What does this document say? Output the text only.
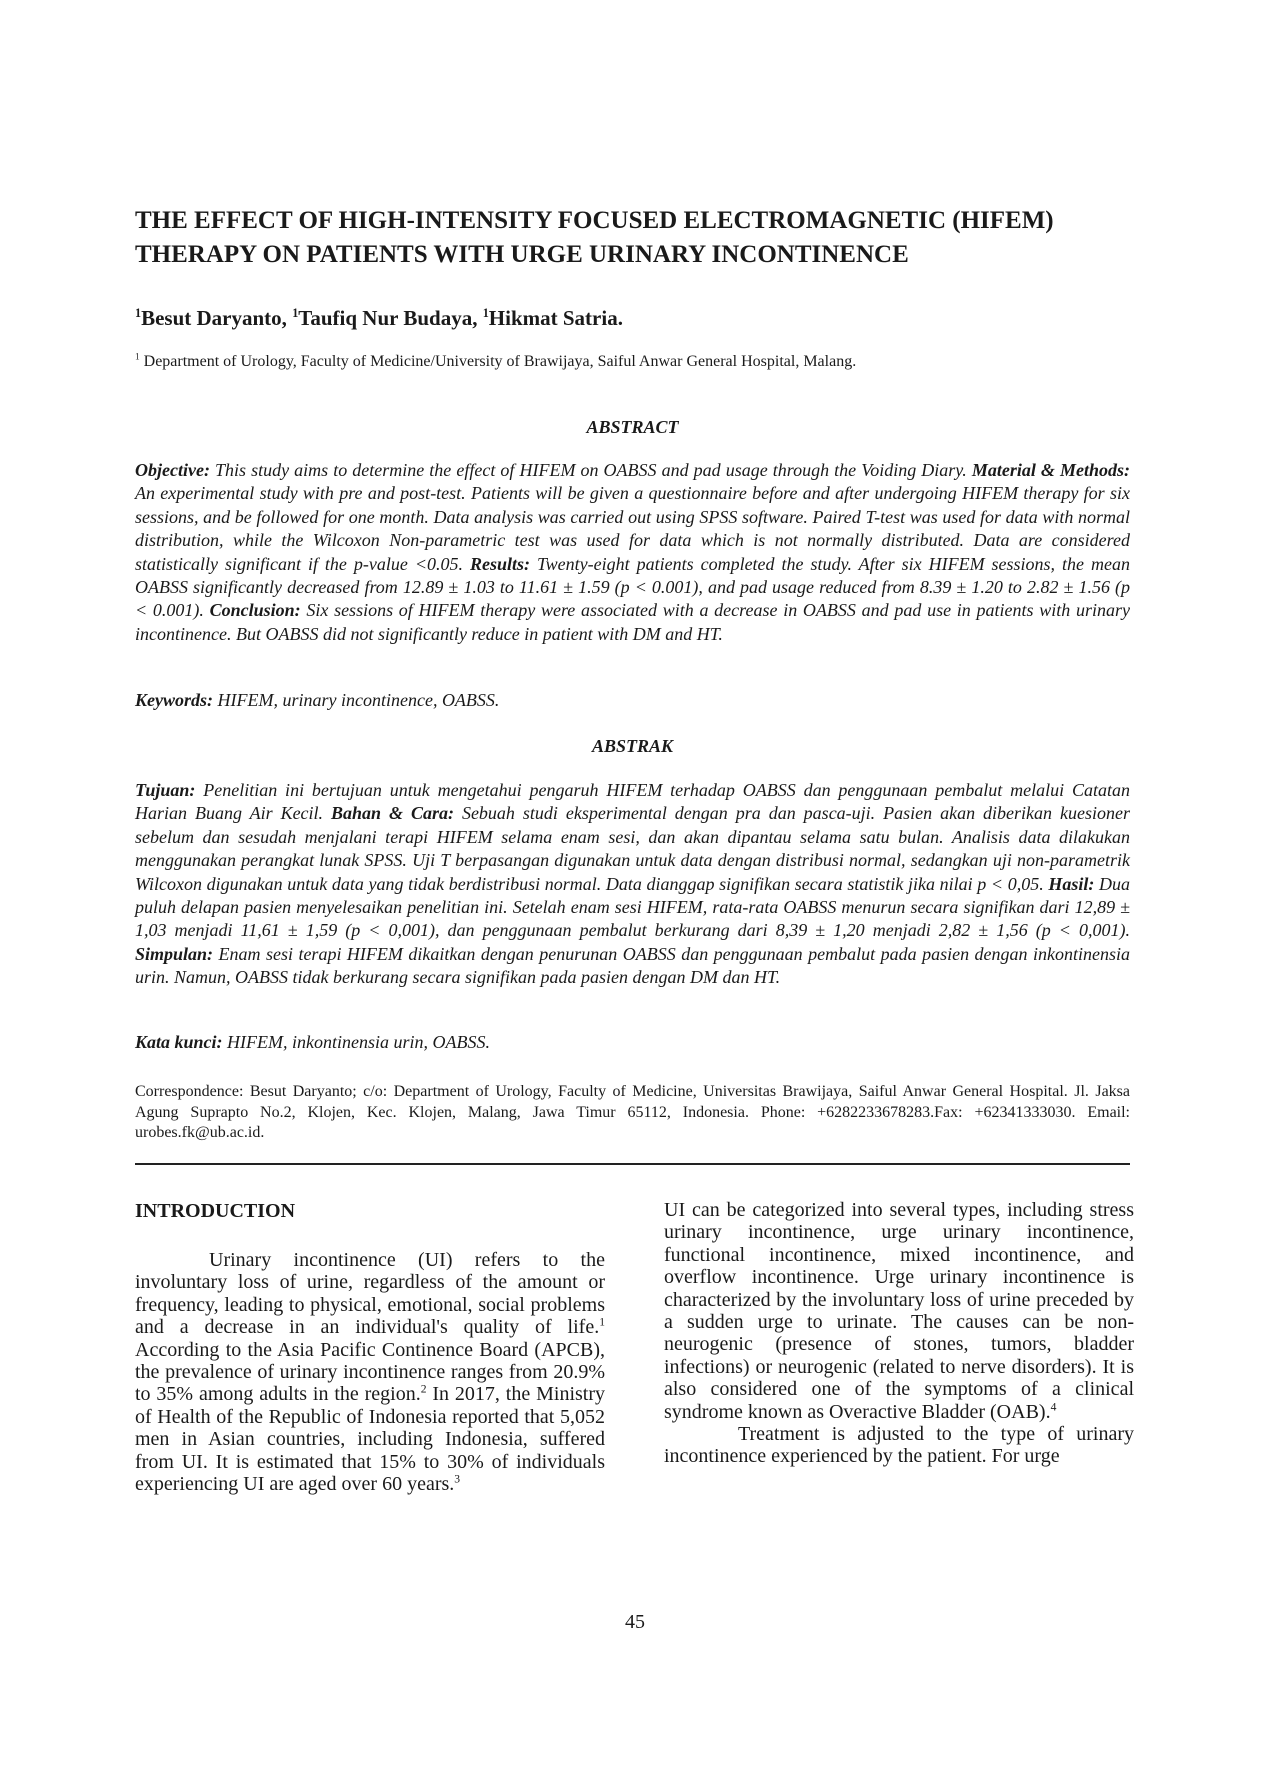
THE EFFECT OF HIGH-INTENSITY FOCUSED ELECTROMAGNETIC (HIFEM)
THERAPY ON PATIENTS WITH URGE URINARY INCONTINENCE
$^1$Besut Daryanto, $^1$Taufiq Nur Budaya, $^1$Hikmat Satria.
$^1$ Department of Urology, Faculty of Medicine/University of Brawijaya, Saiful Anwar General Hospital, Malang.
ABSTRACT

Objective: This study aims to determine the effect of HIFEM on OABSS and pad usage through the Voiding Diary. Material & Methods: An experimental study with pre and post-test. Patients will be given a questionnaire before and after undergoing HIFEM therapy for six sessions, and be followed for one month. Data analysis was carried out using SPSS software. Paired T-test was used for data with normal distribution, while the Wilcoxon Non-parametric test was used for data which is not normally distributed. Data are considered statistically significant if the p-value <0.05. Results: Twenty-eight patients completed the study. After six HIFEM sessions, the mean OABSS significantly decreased from 12.89 ± 1.03 to 11.61 ± 1.59 (p < 0.001), and pad usage reduced from 8.39 ± 1.20 to 2.82 ± 1.56 (p < 0.001). Conclusion: Six sessions of HIFEM therapy were associated with a decrease in OABSS and pad use in patients with urinary incontinence. But OABSS did not significantly reduce in patient with DM and HT.

Keywords: HIFEM, urinary incontinence, OABSS.
ABSTRAK

Tujuan: Penelitian ini bertujuan untuk mengetahui pengaruh HIFEM terhadap OABSS dan penggunaan pembalut melalui Catatan Harian Buang Air Kecil. Bahan & Cara: Sebuah studi eksperimental dengan pra dan pasca-uji. Pasien akan diberikan kuesioner sebelum dan sesudah menjalani terapi HIFEM selama enam sesi, dan akan dipantau selama satu bulan. Analisis data dilakukan menggunakan perangkat lunak SPSS. Uji T berpasangan digunakan untuk data dengan distribusi normal, sedangkan uji non-parametrik Wilcoxon digunakan untuk data yang tidak berdistribusi normal. Data dianggap signifikan secara statistik jika nilai p < 0,05. Hasil: Dua puluh delapan pasien menyelesaikan penelitian ini. Setelah enam sesi HIFEM, rata-rata OABSS menurun secara signifikan dari 12,89 ± 1,03 menjadi 11,61 ± 1,59 (p < 0,001), dan penggunaan pembalut berkurang dari 8,39 ± 1,20 menjadi 2,82 ± 1,56 (p < 0,001). Simpulan: Enam sesi terapi HIFEM dikaitkan dengan penurunan OABSS dan penggunaan pembalut pada pasien dengan inkontinensia urin. Namun, OABSS tidak berkurang secara signifikan pada pasien dengan DM dan HT.

Kata kunci: HIFEM, inkontinensia urin, OABSS.

Correspondence: Besut Daryanto; c/o: Department of Urology, Faculty of Medicine, Universitas Brawijaya, Saiful Anwar General Hospital. Jl. Jaksa Agung Suprapto No.2, Klojen, Kec. Klojen, Malang, Jawa Timur 65112, Indonesia. Phone: +6282233678283.Fax: +62341333030. Email: urobes.fk@ub.ac.id.

INTRODUCTION

Urinary incontinence (UI) refers to the involuntary loss of urine, regardless of the amount or frequency, leading to physical, emotional, social problems and a decrease in an individual's quality of life.$^1$ According to the Asia Pacific Continence Board (APCB), the prevalence of urinary incontinence ranges from 20.9% to 35% among adults in the region.$^2$ In 2017, the Ministry of Health of the Republic of Indonesia reported that 5,052 men in Asian countries, including Indonesia, suffered from UI. It is estimated that 15% to 30% of individuals experiencing UI are aged over 60 years.$^3$

UI can be categorized into several types, including stress urinary incontinence, urge urinary incontinence, functional incontinence, mixed incontinence, and overflow incontinence. Urge urinary incontinence is characterized by the involuntary loss of urine preceded by a sudden urge to urinate. The causes can be non-neurogenic (presence of stones, tumors, bladder infections) or neurogenic (related to nerve disorders). It is also considered one of the symptoms of a clinical syndrome known as Overactive Bladder (OAB).$^4$
Treatment is adjusted to the type of urinary incontinence experienced by the patient. For urge

45
